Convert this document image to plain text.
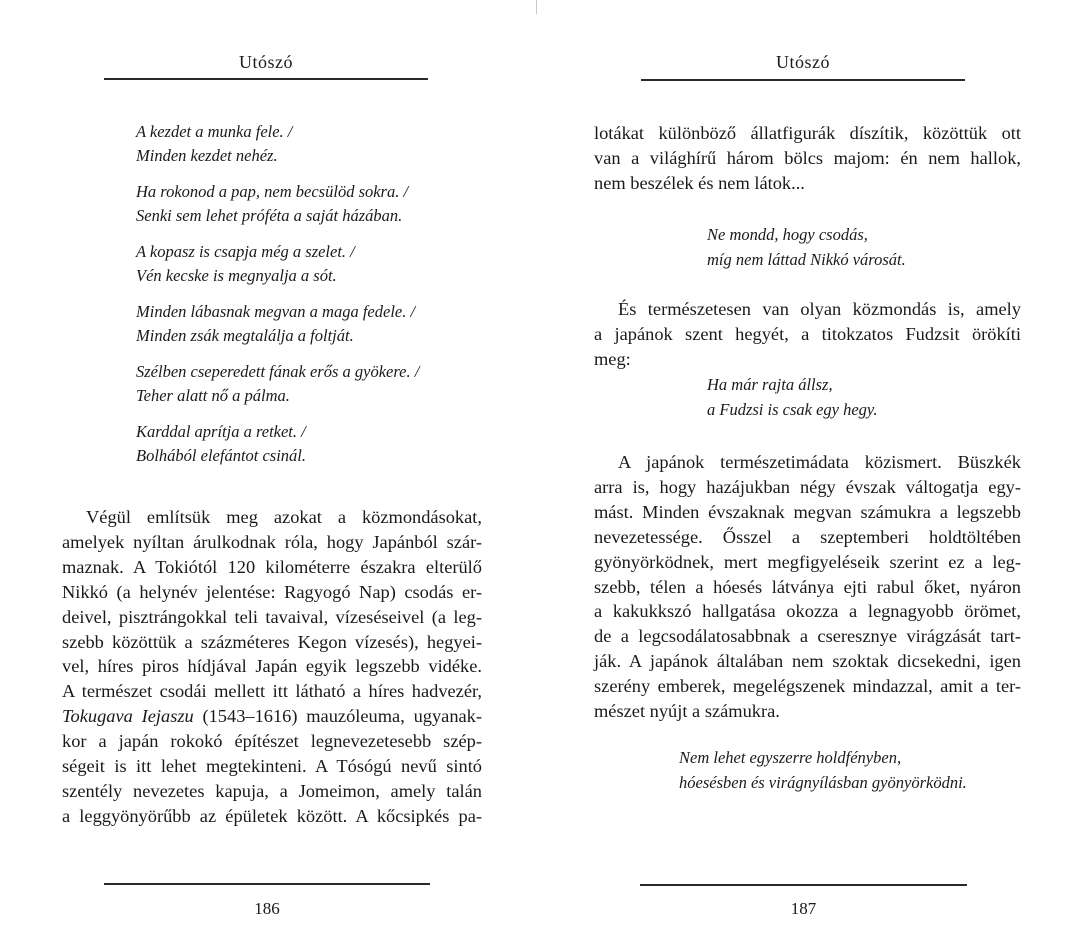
Utószó

A kezdet a munka fele. /
Minden kezdet nehéz.

Ha rokonod a pap, nem becsülöd sokra. /
Senki sem lehet próféta a saját házában.

A kopasz is csapja még a szelet. /
Vén kecske is megnyalja a sót.

Minden lábasnak megvan a maga fedele. /
Minden zsák megtalálja a foltját.

Szélben cseperedett fának erős a gyökere. /
Teher alatt nő a pálma.

Karddal aprítja a retket. /
Bolhából elefántot csinál.

Végül említsük meg azokat a közmondásokat,
amelyek nyíltan árulkodnak róla, hogy Japánból szár-
maznak. A Tokiótól 120 kilométerre északra elterülő
Nikkó (a helynév jelentése: Ragyogó Nap) csodás er-
deivel, pisztrángokkal teli tavaival, vízeséseivel (a leg-
szebb közöttük a százméteres Kegon vízesés), hegyei-
vel, híres piros hídjával Japán egyik legszebb vidéke.
A természet csodái mellett itt látható a híres hadvezér,
Tokugava Iejaszu (1543–1616) mauzóleuma, ugyanak-
kor a japán rokokó építészet legnevezetesebb szép-
ségeit is itt lehet megtekinteni. A Tósógú nevű sintó
szentély nevezetes kapuja, a Jomeimon, amely talán
a leggyönyörűbb az épületek között. A kőcsipkés pa-
186
Utószó
lotákat különböző állatfigurák díszítik, közöttük ott
van a világhírű három bölcs majom: én nem hallok,
nem beszélek és nem látok...
Ne mondd, hogy csodás,
míg nem láttad Nikkó városát.
És természetesen van olyan közmondás is, amely
a japánok szent hegyét, a titokzatos Fudzsit örökíti
meg:
Ha már rajta állsz,
a Fudzsi is csak egy hegy.
A japánok természetimádata közismert. Büszkék
arra is, hogy hazájukban négy évszak váltogatja egy-
mást. Minden évszaknak megvan számukra a legszebb
nevezetessége. Ősszel a szeptemberi holdtöltében
gyönyörködnek, mert megfigyeléseik szerint ez a leg-
szebb, télen a hóesés látványa ejti rabul őket, nyáron
a kakukkszó hallgatása okozza a legnagyobb örömet,
de a legcsodálatosabbnak a cseresznye virágzását tart-
ják. A japánok általában nem szoktak dicsekedni, igen
szerény emberek, megelégszenek mindazzal, amit a ter-
mészet nyújt a számukra.
Nem lehet egyszerre holdfényben,
hóesésben és virágnyílásban gyönyörködni.
187
